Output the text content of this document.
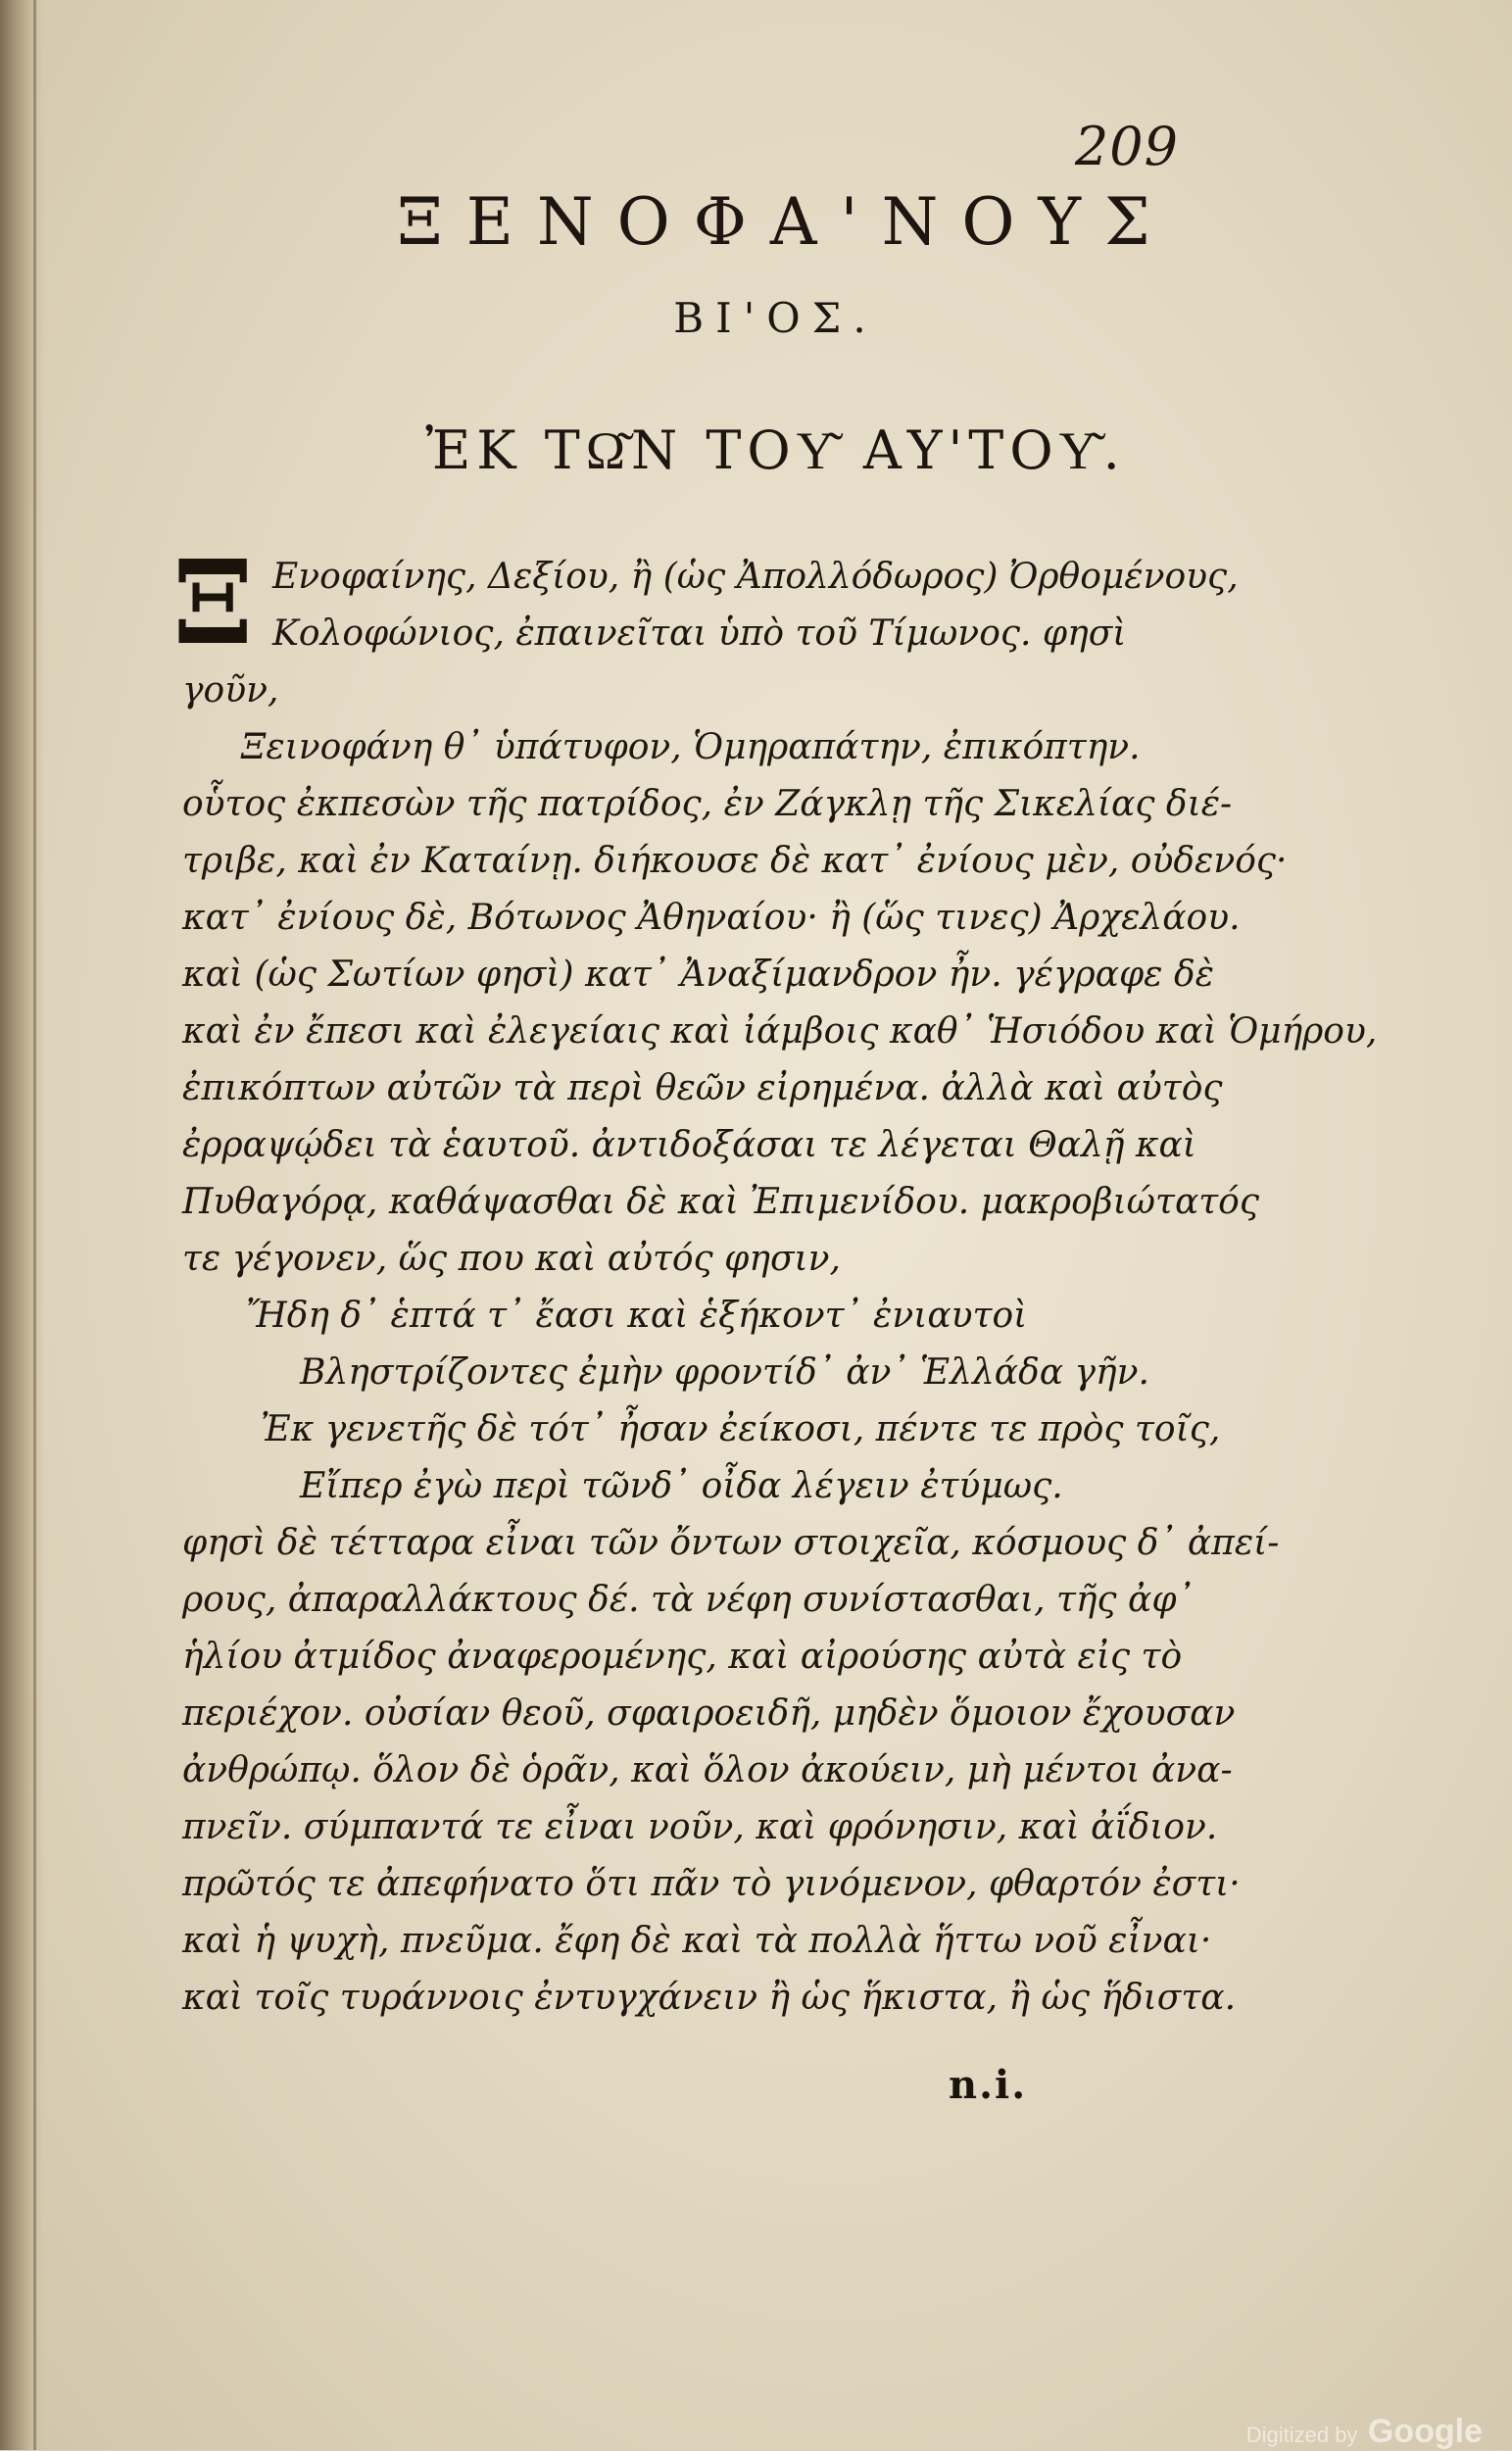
209
ΞΕΝΟΦΑ'ΝΟΥΣ
ΒΙ'ΟΣ.
ἘΚ ΤΩ͂Ν ΤΟΥ͂ ΑΥ'ΤΟΥ͂.
Ξ Ενοφαίνης, Δεξίου, ἢ (ὡς Ἀπολλόδωρος) Ὀρθομένους,
Κολοφώνιος, ἐπαινεῖται ὑπὸ τοῦ Τίμωνος. φησὶ
γοῦν,
Ξεινοφάνη θ᾽ ὑπάτυφον, Ὁμηραπάτην, ἐπικόπτην.
οὗτος ἐκπεσὼν τῆς πατρίδος, ἐν Ζάγκλῃ τῆς Σικελίας διέ-
τριβε, καὶ ἐν Καταίνῃ. διήκουσε δὲ κατ᾽ ἐνίους μὲν, οὐδενός·
κατ᾽ ἐνίους δὲ, Βότωνος Ἀθηναίου· ἢ (ὥς τινες) Ἀρχελάου.
καὶ (ὡς Σωτίων φησὶ) κατ᾽ Ἀναξίμανδρον ἦν. γέγραφε δὲ
καὶ ἐν ἔπεσι καὶ ἐλεγείαις καὶ ἰάμβοις καθ᾽ Ἡσιόδου καὶ Ὁμήρου,
ἐπικόπτων αὐτῶν τὰ περὶ θεῶν εἰρημένα. ἀλλὰ καὶ αὐτὸς
ἐρραψῴδει τὰ ἑαυτοῦ. ἀντιδοξάσαι τε λέγεται Θαλῇ καὶ
Πυθαγόρᾳ, καθάψασθαι δὲ καὶ Ἐπιμενίδου. μακροβιώτατός
τε γέγονεν, ὥς που καὶ αὐτός φησιν,
Ἤδη δ᾽ ἑπτά τ᾽ ἔασι καὶ ἑξήκοντ᾽ ἐνιαυτοὶ
Βληστρίζοντες ἐμὴν φροντίδ᾽ ἀν᾽ Ἑλλάδα γῆν.
Ἐκ γενετῆς δὲ τότ᾽ ἦσαν ἐείκοσι, πέντε τε πρὸς τοῖς,
Εἴπερ ἐγὼ περὶ τῶνδ᾽ οἶδα λέγειν ἐτύμως.
φησὶ δὲ τέτταρα εἶναι τῶν ὄντων στοιχεῖα, κόσμους δ᾽ ἀπεί-
ρους, ἀπαραλλάκτους δέ. τὰ νέφη συνίστασθαι, τῆς ἀφ᾽
ἡλίου ἀτμίδος ἀναφερομένης, καὶ αἰρούσης αὐτὰ εἰς τὸ
περιέχον. οὐσίαν θεοῦ, σφαιροειδῆ, μηδὲν ὅμοιον ἔχουσαν
ἀνθρώπῳ. ὅλον δὲ ὁρᾶν, καὶ ὅλον ἀκούειν, μὴ μέντοι ἀνα-
πνεῖν. σύμπαντά τε εἶναι νοῦν, καὶ φρόνησιν, καὶ ἀΐδιον.
πρῶτός τε ἀπεφήνατο ὅτι πᾶν τὸ γινόμενον, φθαρτόν ἐστι·
καὶ ἡ ψυχὴ, πνεῦμα. ἔφη δὲ καὶ τὰ πολλὰ ἥττω νοῦ εἶναι·
καὶ τοῖς τυράννοις ἐντυγχάνειν ἢ ὡς ἥκιστα, ἢ ὡς ἥδιστα.
n.i.
Digitized by Google
